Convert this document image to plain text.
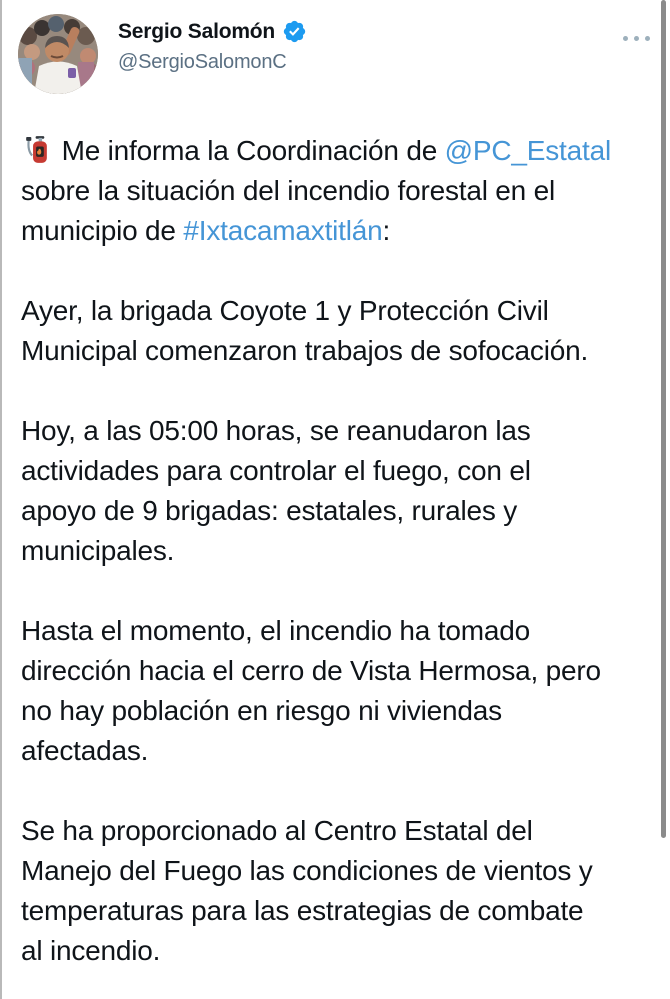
Sergio Salomón
@SergioSalomonC
Me informa la Coordinación de @PC_Estatal
sobre la situación del incendio forestal en el
municipio de #Ixtacamaxtitlán:
Ayer, la brigada Coyote 1 y Protección Civil
Municipal comenzaron trabajos de sofocación.
Hoy, a las 05:00 horas, se reanudaron las
actividades para controlar el fuego, con el
apoyo de 9 brigadas: estatales, rurales y
municipales.
Hasta el momento, el incendio ha tomado
dirección hacia el cerro de Vista Hermosa, pero
no hay población en riesgo ni viviendas
afectadas.
Se ha proporcionado al Centro Estatal del
Manejo del Fuego las condiciones de vientos y
temperaturas para las estrategias de combate
al incendio.
